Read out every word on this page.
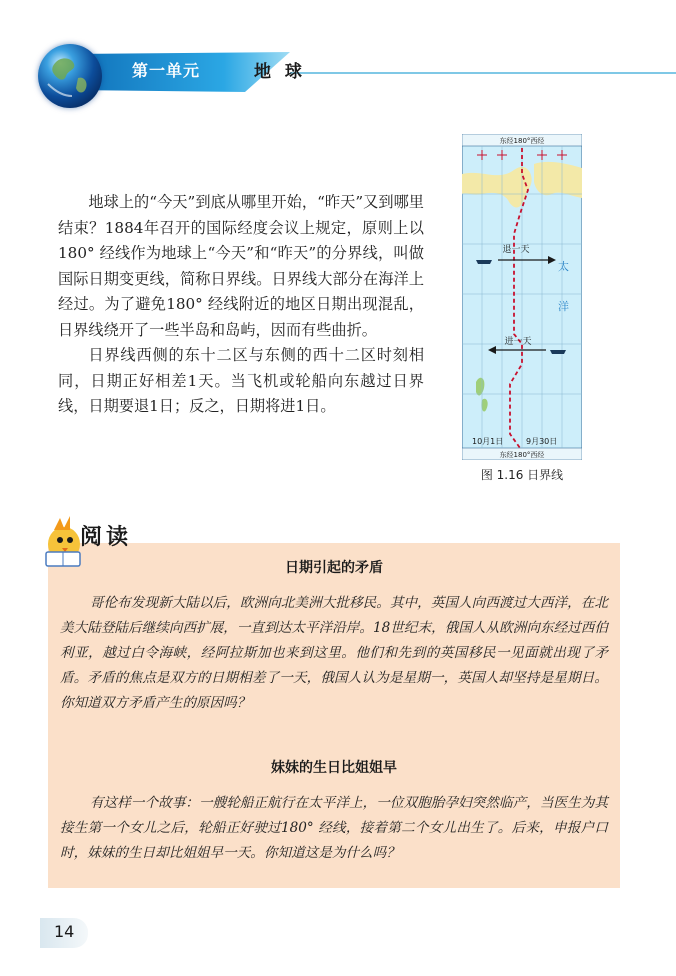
第一单元	地 球

地球上的“今天”到底从哪里开始，“昨天”又到哪里结束？1884年召开的国际经度会议上规定，原则上以180° 经线作为地球上“今天”和“昨天”的分界线，叫做国际日期变更线，简称日界线。日界线大部分在海洋上经过。为了避免180° 经线附近的地区日期出现混乱，日界线绕开了一些半岛和岛屿，因而有些曲折。

日界线西侧的东十二区与东侧的西十二区时刻相同，日期正好相差1天。当飞机或轮船向东越过日界线，日期要退1日；反之，日期将进1日。

东经180°西经
东经180°西经
退一天
进一天
太
洋
10月1日	9月30日
图 1.16 日界线
日期引起的矛盾

哥伦布发现新大陆以后，欧洲向北美洲大批移民。其中，英国人向西渡过大西洋，在北美大陆登陆后继续向西扩展，一直到达太平洋沿岸。18世纪末，俄国人从欧洲向东经过西伯利亚，越过白令海峡，经阿拉斯加也来到这里。他们和先到的英国移民一见面就出现了矛盾。矛盾的焦点是双方的日期相差了一天，俄国人认为是星期一，英国人却坚持是星期日。你知道双方矛盾产生的原因吗？

妹妹的生日比姐姐早

有这样一个故事：一艘轮船正航行在太平洋上，一位双胞胎孕妇突然临产，当医生为其接生第一个女儿之后，轮船正好驶过180° 经线，接着第二个女儿出生了。后来，申报户口时，妹妹的生日却比姐姐早一天。你知道这是为什么吗？

阅读
14
